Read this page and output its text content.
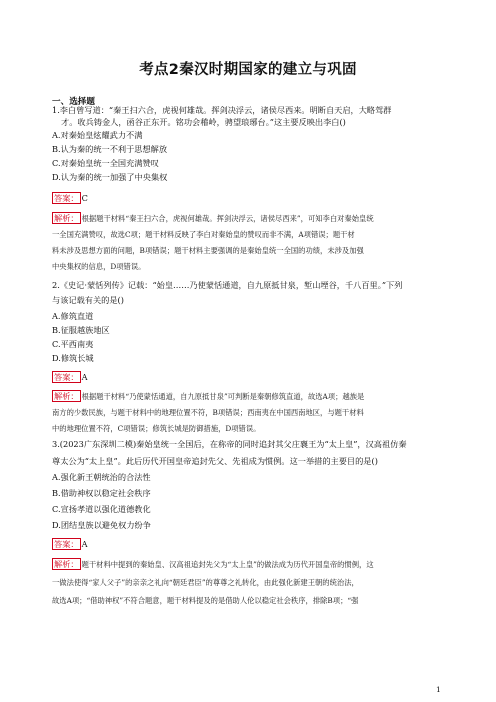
考点2秦汉时期国家的建立与巩固
一、选择题
1.李白曾写道：“秦王扫六合，虎视何雄哉。挥剑决浮云，诸侯尽西来。明断自天启，大略驾群
才。收兵铸金人，函谷正东开。铭功会稽岭，骋望琅琊台。”这主要反映出李白()
A.对秦始皇炫耀武力不满
B.认为秦的统一不利于思想解放
C.对秦始皇统一全国充满赞叹
D.认为秦的统一加强了中央集权
答案： C
解析： 根据题干材料“秦王扫六合，虎视何雄哉。挥剑决浮云，诸侯尽西来”，可知李白对秦始皇统
一全国充满赞叹，故选C项；题干材料反映了李白对秦始皇的赞叹而非不满，A项错误；题干材
料未涉及思想方面的问题，B项错误；题干材料主要强调的是秦始皇统一全国的功绩，未涉及加强
中央集权的信息，D项错误。
2.《史记·蒙恬列传》记载：“始皇……乃使蒙恬通道，自九原抵甘泉，堑山堙谷，千八百里。”下列
与该记载有关的是()
A.修筑直道
B.征服越族地区
C.平西南夷
D.修筑长城
答案： A
解析： 根据题干材料“乃使蒙恬通道，自九原抵甘泉”可判断是秦朝修筑直道，故选A项；越族是
南方的少数民族，与题干材料中的地理位置不符，B项错误；西南夷在中国西南地区，与题干材料
中的地理位置不符，C项错误；修筑长城是防御措施，D项错误。
3.(2023广东深圳二模)秦始皇统一全国后，在称帝的同时追封其父庄襄王为“太上皇”，汉高祖仿秦
尊太公为“太上皇”。此后历代开国皇帝追封先父、先祖成为惯例。这一举措的主要目的是()
A.强化新王朝统治的合法性
B.借助神权以稳定社会秩序
C.宣扬孝道以强化道德教化
D.团结皇族以避免权力纷争
答案： A
解析： 题干材料中提到的秦始皇、汉高祖追封先父为“太上皇”的做法成为历代开国皇帝的惯例，这
一做法使得“家人父子”的亲亲之礼向“朝廷君臣”的尊尊之礼转化，由此强化新建王朝的统治法，
故选A项；“借助神权”不符合题意，题干材料提及的是借助人伦以稳定社会秩序，排除B项；“强
1
